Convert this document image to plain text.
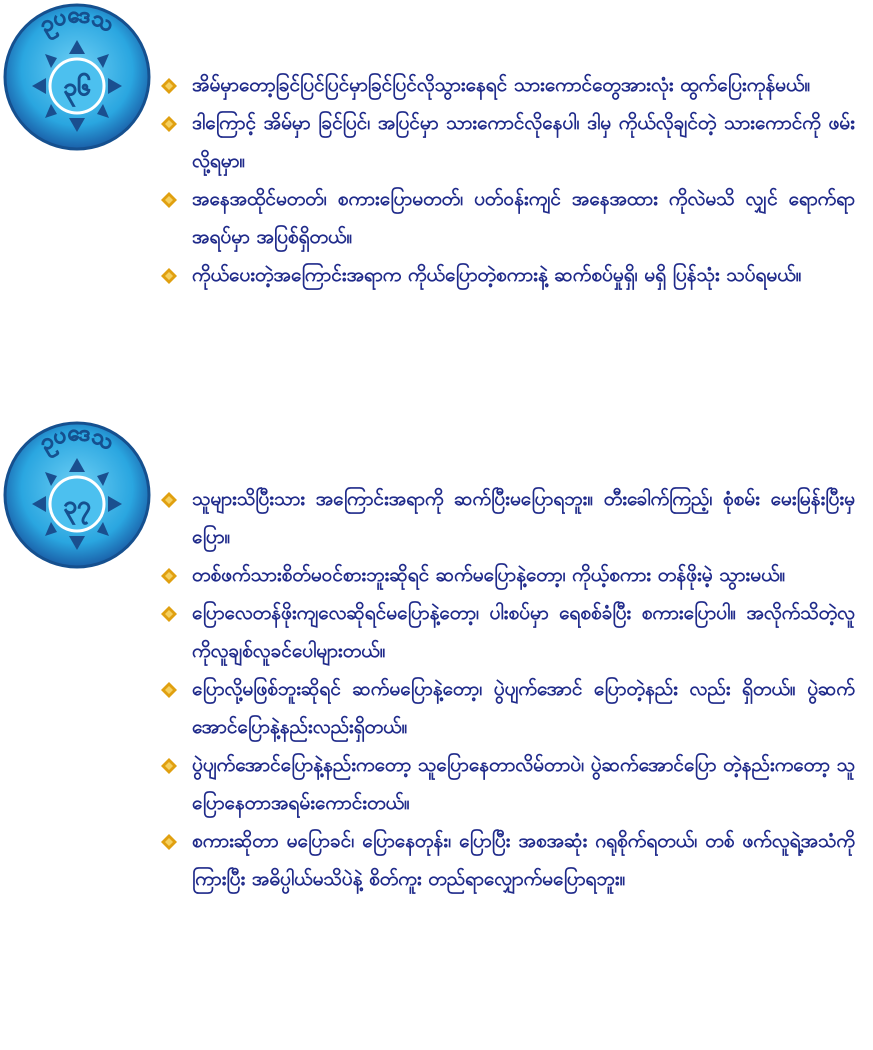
ဥပဒေသ
၃၆	အိမ်မှာတော့ခြင်ပြင်ပြင်မှာခြင်ပြင်လိုသွားနေရင် သားကောင်တွေအားလုံး ထွက်ပြေးကုန်မယ်။
ဒါကြောင့် အိမ်မှာ ခြင်ပြင်၊ အပြင်မှာ သားကောင်လိုနေပါ၊ ဒါမှ ကိုယ်လိုချင်တဲ့ သားကောင်ကို ဖမ်းလို့ရမှာ။
အနေအထိုင်မတတ်၊ စကားပြောမတတ်၊ ပတ်ဝန်းကျင် အနေအထား ကိုလဲမသိ လျှင် ရောက်ရာအရပ်မှာ အပြစ်ရှိတယ်။
ကိုယ်ပေးတဲ့အကြောင်းအရာက ကိုယ်ပြောတဲ့စကားနဲ့ ဆက်စပ်မှုရှိ၊ မရှိ ပြန်သုံး သပ်ရမယ်။
ဥပဒေသ
၃၇	သူများသိပြီးသား အကြောင်းအရာကို ဆက်ပြီးမပြောရဘူး။ တီးခေါက်ကြည့်၊ စုံစမ်း မေးမြန်းပြီးမှပြော။
တစ်ဖက်သားစိတ်မဝင်စားဘူးဆိုရင် ဆက်မပြောနဲ့တော့၊ ကိုယ့်စကား တန်ဖိုးမဲ့ သွားမယ်။
ပြောလေတန်ဖိုးကျလေဆိုရင်မပြောနဲ့တော့၊ ပါးစပ်မှာ ရေစစ်ခံပြီး စကားပြောပါ။ အလိုက်သိတဲ့လူကိုလူချစ်လူခင်ပေါများတယ်။
ပြောလို့မဖြစ်ဘူးဆိုရင် ဆက်မပြောနဲ့တော့၊ ပွဲပျက်အောင် ပြောတဲ့နည်း လည်း ရှိတယ်။ ပွဲဆက်အောင်ပြောနဲ့နည်းလည်းရှိတယ်။
ပွဲပျက်အောင်ပြောနဲ့နည်းကတော့ သူပြောနေတာလိမ်တာပဲ၊ ပွဲဆက်အောင်ပြော တဲ့နည်းကတော့ သူပြောနေတာအရမ်းကောင်းတယ်။
စကားဆိုတာ မပြောခင်၊ ပြောနေတုန်း၊ ပြောပြီး အစအဆုံး ဂရုစိုက်ရတယ်၊ တစ် ဖက်လူရဲ့အသံကိုကြားပြီး အဓိပ္ပါယ်မသိပဲနဲ့ စိတ်ကူး တည်ရာလျှောက်မပြောရဘူး။
